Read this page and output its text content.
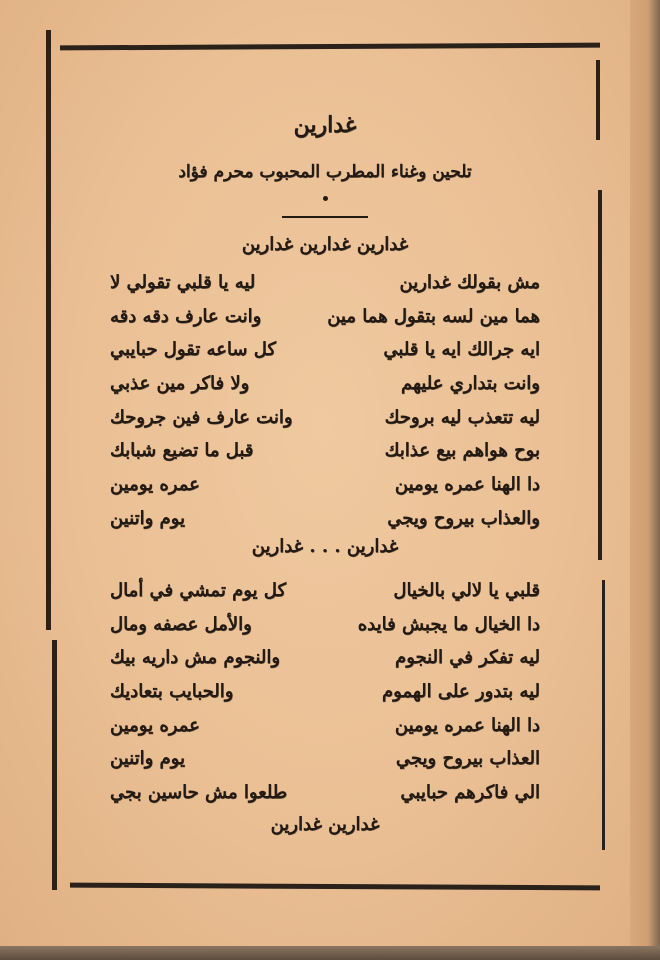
غدارين
تلحين وغناء المطرب المحبوب محرم فؤاد
غدارين غدارين غدارين
مش بقولك غدارين
ليه يا قلبي تقولي لا
هما مين لسه بتقول هما مين
وانت عارف دقه دقه
ايه جرالك ايه يا قلبي
كل ساعه تقول حبايبي
وانت بتداري عليهم
ولا فاكر مين عذبي
ليه تتعذب ليه بروحك
وانت عارف فين جروحك
بوح هواهم بيع عذابك
قبل ما تضيع شبابك
دا الهنا عمره يومين
عمره يومين
والعذاب بيروح ويجي
يوم واتنين
غدارين . . . غدارين
قلبي يا لالي بالخيال
كل يوم تمشي في أمال
دا الخيال ما يجبش فايده
والأمل عصفه ومال
ليه تفكر في النجوم
والنجوم مش داريه بيك
ليه بتدور على الهموم
والحبايب بتعاديك
دا الهنا عمره يومين
عمره يومين
العذاب بيروح ويجي
يوم واتنين
الي فاكرهم حبايبي
طلعوا مش حاسين بجي
غدارين غدارين
